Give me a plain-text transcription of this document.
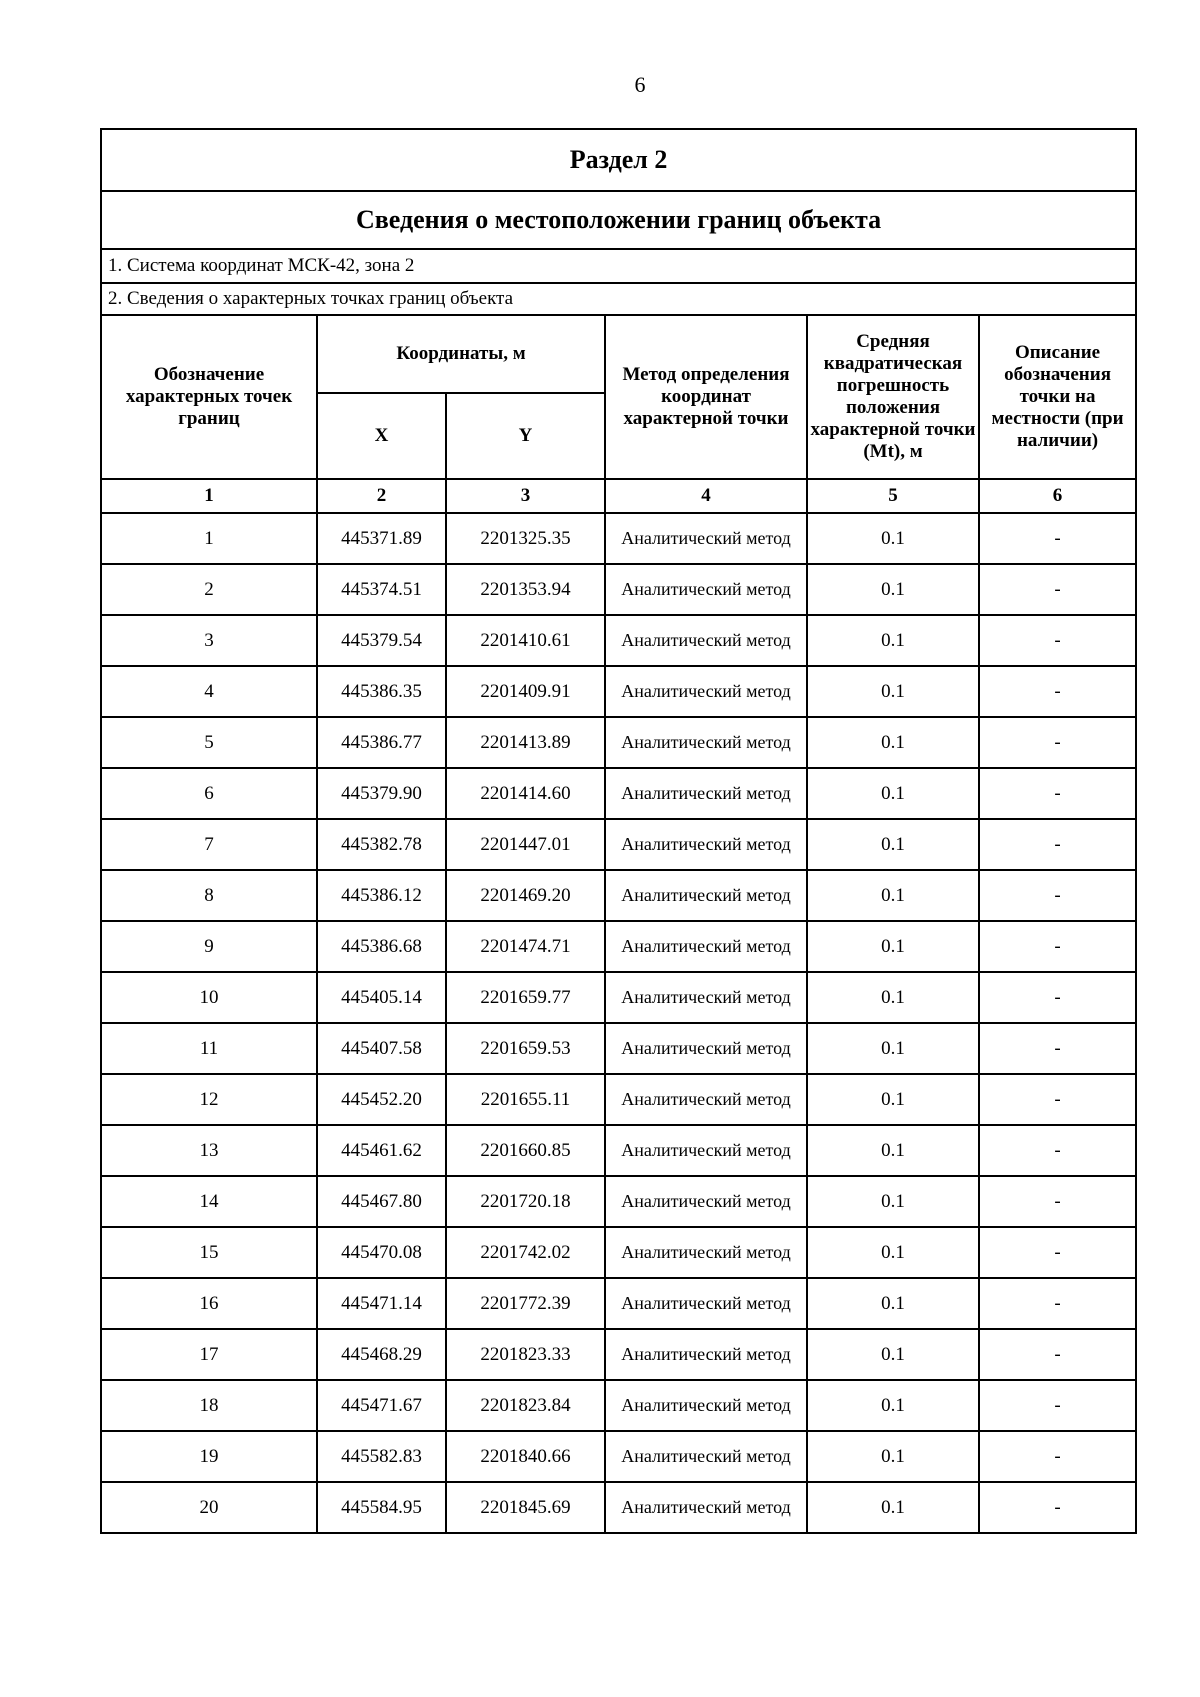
6
Раздел 2					
Сведения о местоположении границ объекта					
1. Система координат МСК-42, зона 2					
2. Сведения о характерных точках границ объекта					
Обозначение характерных точек границ	Координаты, м		Метод определения координат характерной точки	Средняя квадратическая погрешность положения характерной точки (Мt), м	Описание обозначения точки на местности (при наличии)
	X	Y			
1	2	3	4	5	6
1	445371.89	2201325.35	Аналитический метод	0.1	-
2	445374.51	2201353.94	Аналитический метод	0.1	-
3	445379.54	2201410.61	Аналитический метод	0.1	-
4	445386.35	2201409.91	Аналитический метод	0.1	-
5	445386.77	2201413.89	Аналитический метод	0.1	-
6	445379.90	2201414.60	Аналитический метод	0.1	-
7	445382.78	2201447.01	Аналитический метод	0.1	-
8	445386.12	2201469.20	Аналитический метод	0.1	-
9	445386.68	2201474.71	Аналитический метод	0.1	-
10	445405.14	2201659.77	Аналитический метод	0.1	-
11	445407.58	2201659.53	Аналитический метод	0.1	-
12	445452.20	2201655.11	Аналитический метод	0.1	-
13	445461.62	2201660.85	Аналитический метод	0.1	-
14	445467.80	2201720.18	Аналитический метод	0.1	-
15	445470.08	2201742.02	Аналитический метод	0.1	-
16	445471.14	2201772.39	Аналитический метод	0.1	-
17	445468.29	2201823.33	Аналитический метод	0.1	-
18	445471.67	2201823.84	Аналитический метод	0.1	-
19	445582.83	2201840.66	Аналитический метод	0.1	-
20	445584.95	2201845.69	Аналитический метод	0.1	-
